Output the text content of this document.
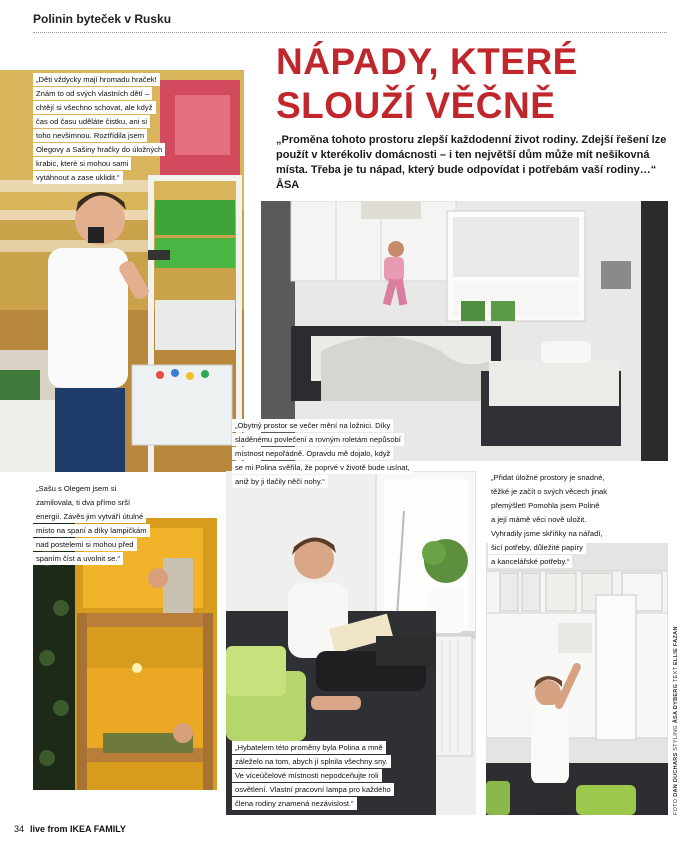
Polinin byteček v Rusku
„Děti vždycky mají hromadu hraček!
Znám to od svých vlastních dětí –
chtějí si všechno schovat, ale když
čas od času uděláte čistku, ani si
toho nevšimnou. Roztřídila jsem
Olegovy a Sašiny hračky do úložných
krabic, které si mohou sami
vytáhnout a zase uklidit.“
NÁPADY, KTERÉ
SLOUŽÍ VĚČNĚ
„Proměna tohoto prostoru zlepší každodenní život rodiny. Zdejší řešení lze použít v kterékoliv domácnosti – i ten největší dům může mít nešikovná místa. Třeba je tu nápad, který bude odpovídat i potřebám vaší rodiny…“ ÅSA
„Obytný prostor se večer mění na ložnici. Díky
sladěnému povlečení a rovným roletám nepůsobí
místnost nepořádně. Opravdu mě dojalo, když
se mi Polina svěřila, že poprvé v životě bude usínat,
aniž by ji tlačily něčí nohy.“
„Sašu s Olegem jsem si
zamilovala, ti dva přímo srší
energií. Závěs jim vytváří útulné
místo na spaní a díky lampičkám
nad postelemi si mohou před
spaním číst a uvolnit se.“
„Hybatelem této proměny byla Polina a mně
záleželo na tom, abych jí splnila všechny sny.
Ve víceúčelové místnosti nepodceňujte roli
osvětlení. Vlastní pracovní lampa pro každého
člena rodiny znamená nezávislost.“
„Přidat úložné prostory je snadné,
těžké je začít o svých věcech jinak
přemýšlet! Pomohla jsem Polině
a její mámě věci nově uložit.
Vyhradily jsme skříňky na nářadí,
šicí potřeby, důležité papíry
a kancelářské potřeby.“
FOTO DAN DUCHARS STYLING ÅSA DYBERG TEXT ELLIE FAZAN
34 live from IKEA FAMILY
